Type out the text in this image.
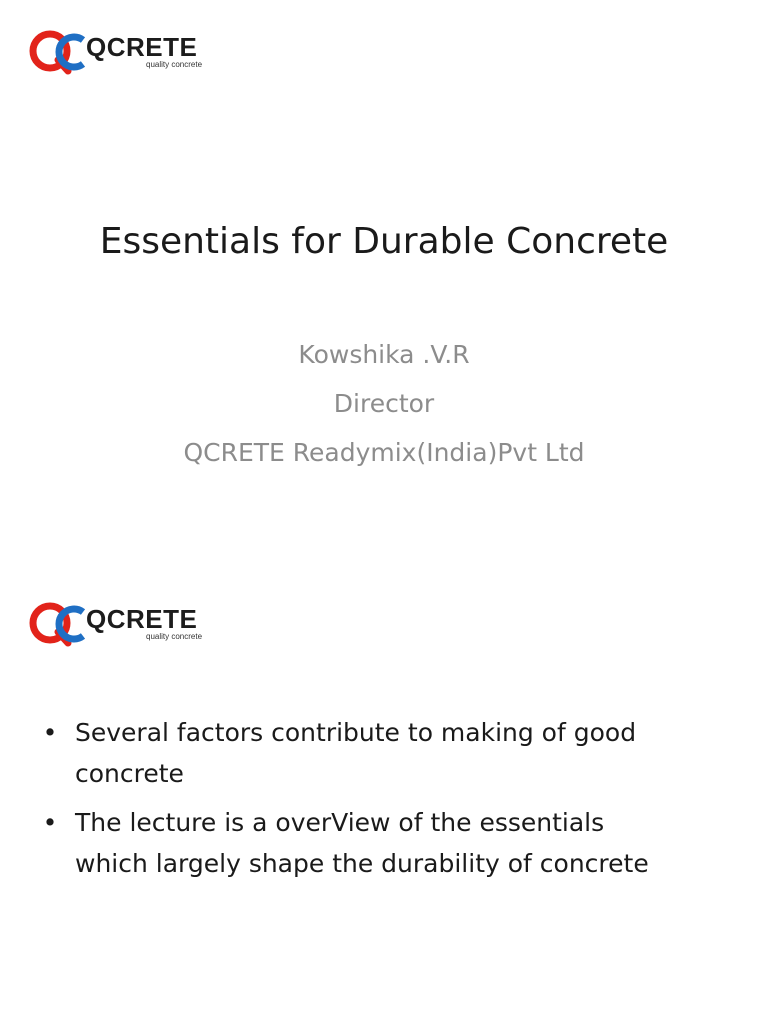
QCRETE
quality concrete
Essentials for Durable Concrete
Kowshika .V.R
Director
QCRETE Readymix(India)Pvt Ltd
QCRETE
quality concrete
• Several factors contribute to making of good
concrete
• The lecture is a overView of the essentials
which largely shape the durability of concrete
